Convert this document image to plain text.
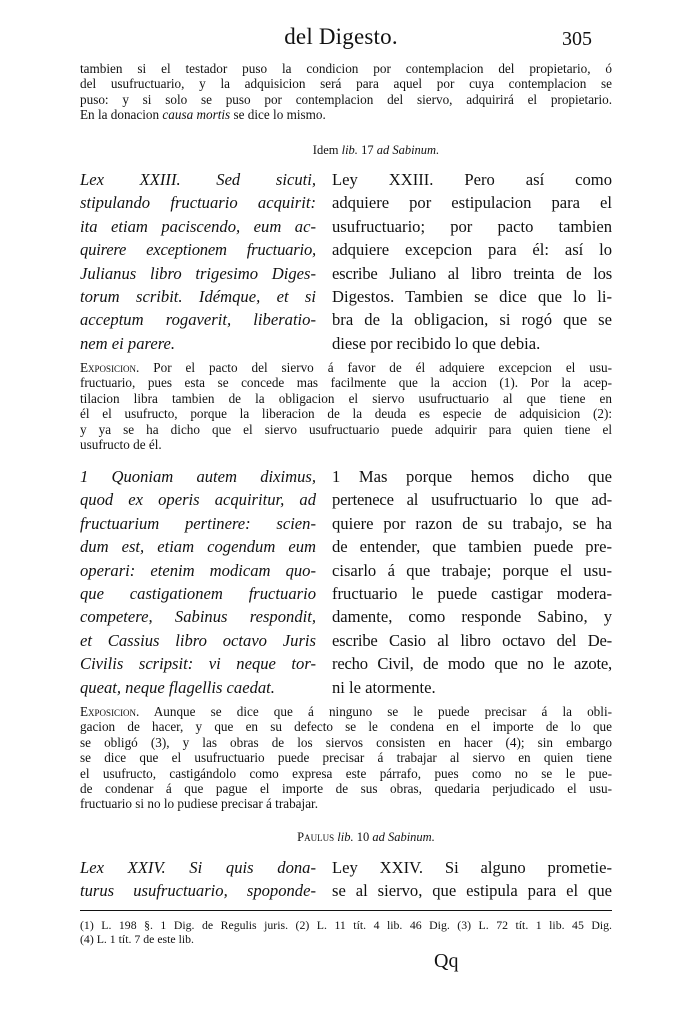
del Digesto.	305
tambien si el testador puso la condicion por contemplacion del propietario, ó
del usufructuario, y la adquisicion será para aquel por cuya contemplacion se
puso: y si solo se puso por contemplacion del siervo, adquirirá el propietario.
En la donacion causa mortis se dice lo mismo.
Idem lib. 17 ad Sabinum.
Lex XXIII. Sed sicuti,
stipulando fructuario acquirit:
ita etiam paciscendo, eum ac-
quirere exceptionem fructuario,
Julianus libro trigesimo Diges-
torum scribit. Idémque, et si
acceptum rogaverit, liberatio-
nem ei parere.
Ley XXIII. Pero así como
adquiere por estipulacion para el
usufructuario; por pacto tambien
adquiere excepcion para él: así lo
escribe Juliano al libro treinta de los
Digestos. Tambien se dice que lo li-
bra de la obligacion, si rogó que se
diese por recibido lo que debia.
Exposicion. Por el pacto del siervo á favor de él adquiere excepcion el usu-
fructuario, pues esta se concede mas facilmente que la accion (1). Por la acep-
tilacion libra tambien de la obligacion el siervo usufructuario al que tiene en
él el usufructo, porque la liberacion de la deuda es especie de adquisicion (2):
y ya se ha dicho que el siervo usufructuario puede adquirir para quien tiene el
usufructo de él.
1 Quoniam autem diximus,
quod ex operis acquiritur, ad
fructuarium pertinere: scien-
dum est, etiam cogendum eum
operari: etenim modicam quo-
que castigationem fructuario
competere, Sabinus respondit,
et Cassius libro octavo Juris
Civilis scripsit: vi neque tor-
queat, neque flagellis caedat.
1 Mas porque hemos dicho que
pertenece al usufructuario lo que ad-
quiere por razon de su trabajo, se ha
de entender, que tambien puede pre-
cisarlo á que trabaje; porque el usu-
fructuario le puede castigar modera-
damente, como responde Sabino, y
escribe Casio al libro octavo del De-
recho Civil, de modo que no le azote,
ni le atormente.
Exposicion. Aunque se dice que á ninguno se le puede precisar á la obli-
gacion de hacer, y que en su defecto se le condena en el importe de lo que
se obligó (3), y las obras de los siervos consisten en hacer (4); sin embargo
se dice que el usufructuario puede precisar á trabajar al siervo en quien tiene
el usufructo, castigándolo como expresa este párrafo, pues como no se le pue-
de condenar á que pague el importe de sus obras, quedaria perjudicado el usu-
fructuario si no lo pudiese precisar á trabajar.
Paulus lib. 10 ad Sabinum.
Lex XXIV. Si quis dona-
turus usufructuario, spoponde-
Ley XXIV. Si alguno prometie-
se al siervo, que estipula para el que
(1) L. 198 §. 1 Dig. de Regulis juris. (2) L. 11 tít. 4 lib. 46 Dig. (3) L. 72 tít. 1 lib. 45 Dig.
(4) L. 1 tít. 7 de este lib.
Qq
